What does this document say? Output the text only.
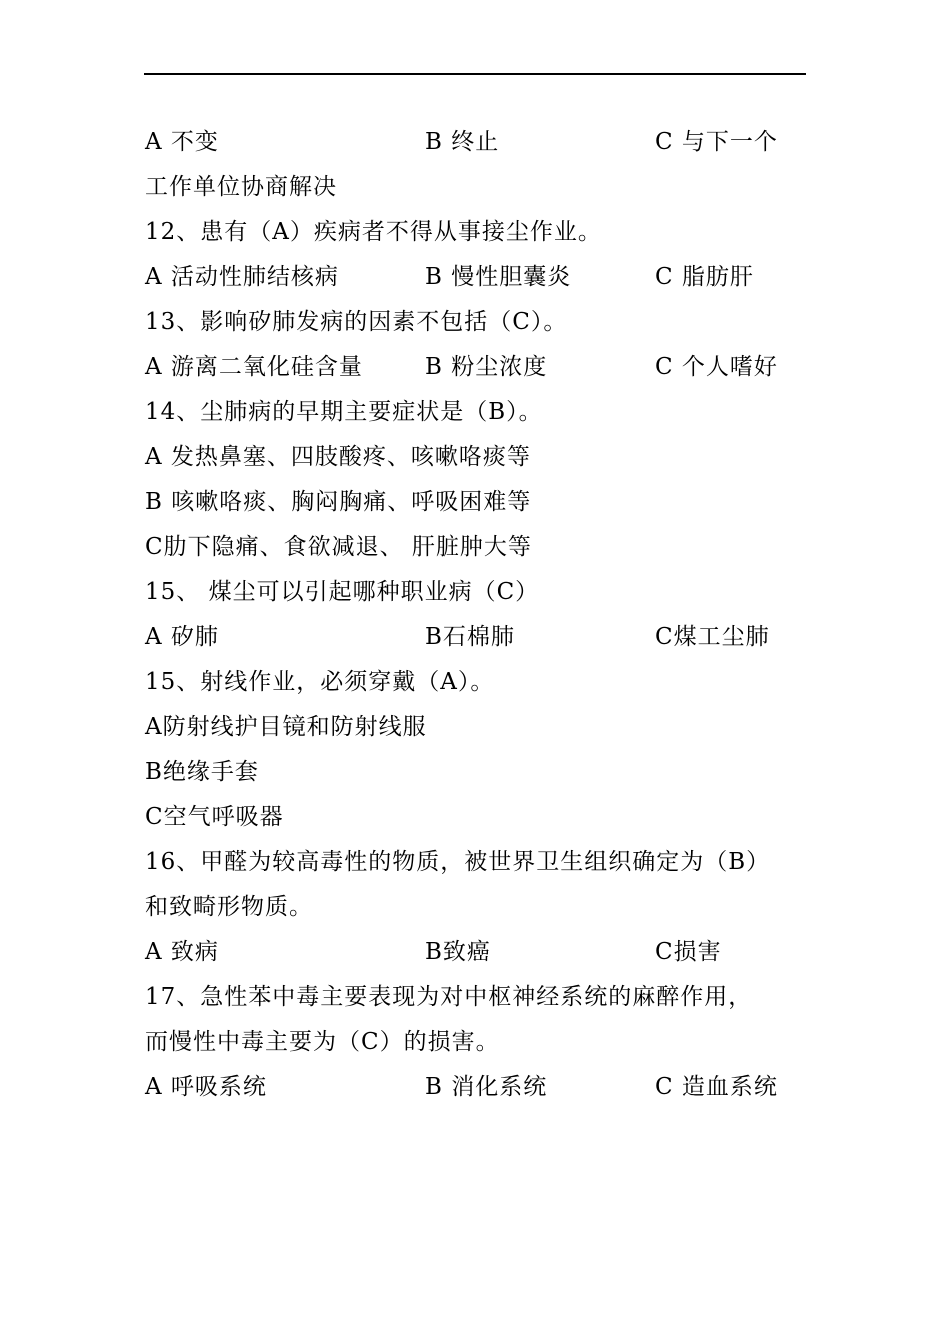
A 不变	B 终止	C 与下一个
工作单位协商解决
12、患有（A）疾病者不得从事接尘作业。
A 活动性肺结核病	B 慢性胆囊炎	C 脂肪肝
13、影响矽肺发病的因素不包括（C）。
A 游离二氧化硅含量	B 粉尘浓度	C 个人嗜好
14、尘肺病的早期主要症状是（B）。
A 发热鼻塞、四肢酸疼、咳嗽咯痰等
B 咳嗽咯痰、胸闷胸痛、呼吸困难等
C肋下隐痛、食欲减退、 肝脏肿大等
15、 煤尘可以引起哪种职业病（C）
A 矽肺	B石棉肺	C煤工尘肺
15、射线作业，必须穿戴（A）。
A防射线护目镜和防射线服
B绝缘手套
C空气呼吸器
16、甲醛为较高毒性的物质，被世界卫生组织确定为（B）
和致畸形物质。
A 致病	B致癌	C损害
17、急性苯中毒主要表现为对中枢神经系统的麻醉作用，
而慢性中毒主要为（C）的损害。
A 呼吸系统	B 消化系统	C 造血系统
